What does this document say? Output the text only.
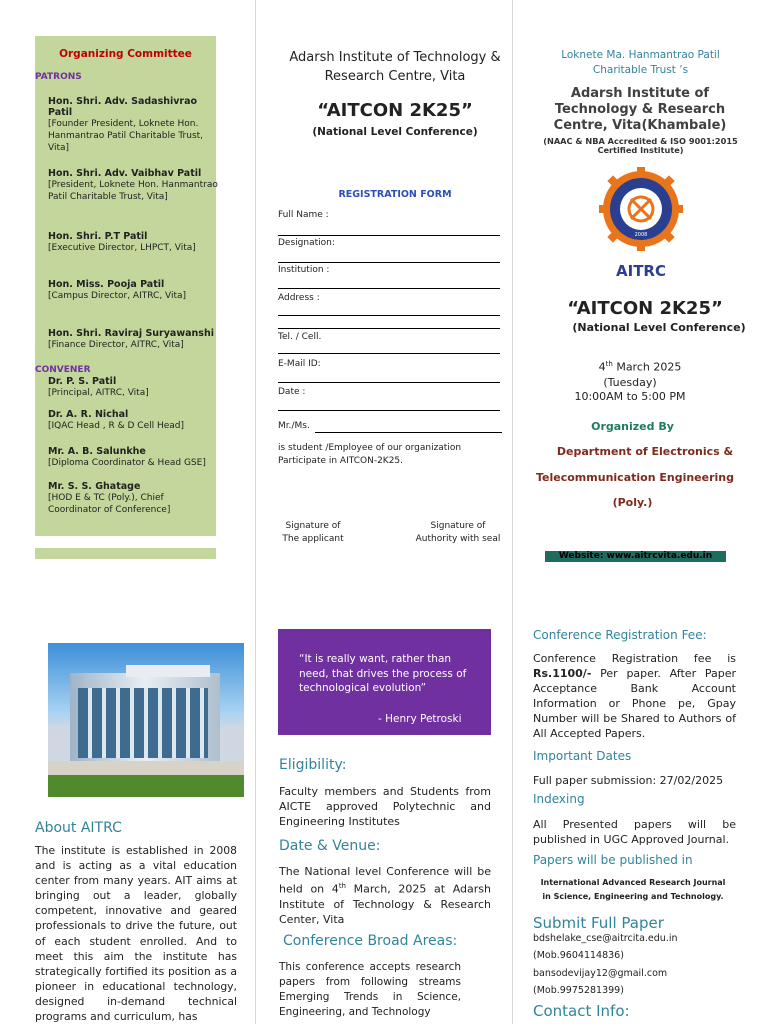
Organizing Committee
PATRONS
Hon. Shri. Adv. Sadashivrao Patil
[Founder President, Loknete Hon. Hanmantrao Patil Charitable Trust, Vita]
Hon. Shri. Adv. Vaibhav Patil
[President, Loknete Hon. Hanmantrao Patil Charitable Trust, Vita]
Hon. Shri. P.T Patil
[Executive Director, LHPCT, Vita]
Hon. Miss. Pooja Patil
[Campus Director, AITRC, Vita]
Hon. Shri. Raviraj Suryawanshi
[Finance Director, AITRC, Vita]
CONVENER
Dr. P. S. Patil
[Principal, AITRC, Vita]
Dr. A. R. Nichal
[IQAC Head , R & D Cell Head]
Mr. A. B. Salunkhe
[Diploma Coordinator & Head GSE]
Mr. S. S. Ghatage
[HOD E & TC (Poly.), Chief Coordinator of Conference]
Adarsh Institute of Technology & Research Centre, Vita
“AITCON 2K25”
(National Level Conference)
REGISTRATION FORM
Full Name :
Designation:
Institution :
Address :
Tel. / Cell.
E-Mail ID:
Date :
Mr./Ms.
is student /Employee of our organization Participate in AITCON-2K25.
Signature of
The applicant
Signature of
Authority with seal
Loknete Ma. Hanmantrao Patil Charitable Trust ’s
Adarsh Institute of Technology & Research Centre, Vita(Khambale)
(NAAC & NBA Accredited & ISO 9001:2015 Certified Institute)
2008
AITRC
“AITCON 2K25”
(National Level Conference)
4th March 2025
(Tuesday)
10:00AM to 5:00 PM
Organized By
Department of Electronics &
Telecommunication Engineering
(Poly.)
Website: www.aitrcvita.edu.in
About AITRC
The institute is established in 2008 and is acting as a vital education center from many years. AIT aims at bringing out a leader, globally competent, innovative and geared professionals to drive the future, out of each student enrolled. And to meet this aim the institute has strategically fortified its position as a pioneer in educational technology, designed in-demand technical programs and curriculum, has
“It is really want, rather than need, that drives the process of technological evolution”
- Henry Petroski
Eligibility:
Faculty members and Students from AICTE approved Polytechnic and Engineering Institutes
Date & Venue:
The National level Conference will be held on 4th March, 2025 at Adarsh Institute of Technology & Research Center, Vita
Conference Broad Areas:
This conference accepts research papers from following streams Emerging Trends in Science, Engineering, and Technology
Conference Registration Fee:
Conference Registration fee is Rs.1100/- Per paper. After Paper Acceptance Bank Account Information or Phone pe, Gpay Number will be Shared to Authors of All Accepted Papers.
Important Dates
Full paper submission: 27/02/2025
Indexing
All Presented papers will be published in UGC Approved Journal.
Papers will be published in
International Advanced Research Journal
in Science, Engineering and Technology.
Submit Full Paper
bdshelake_cse@aitrcita.edu.in
(Mob.9604114836)
bansodevijay12@gmail.com
(Mob.9975281399)
Contact Info:
